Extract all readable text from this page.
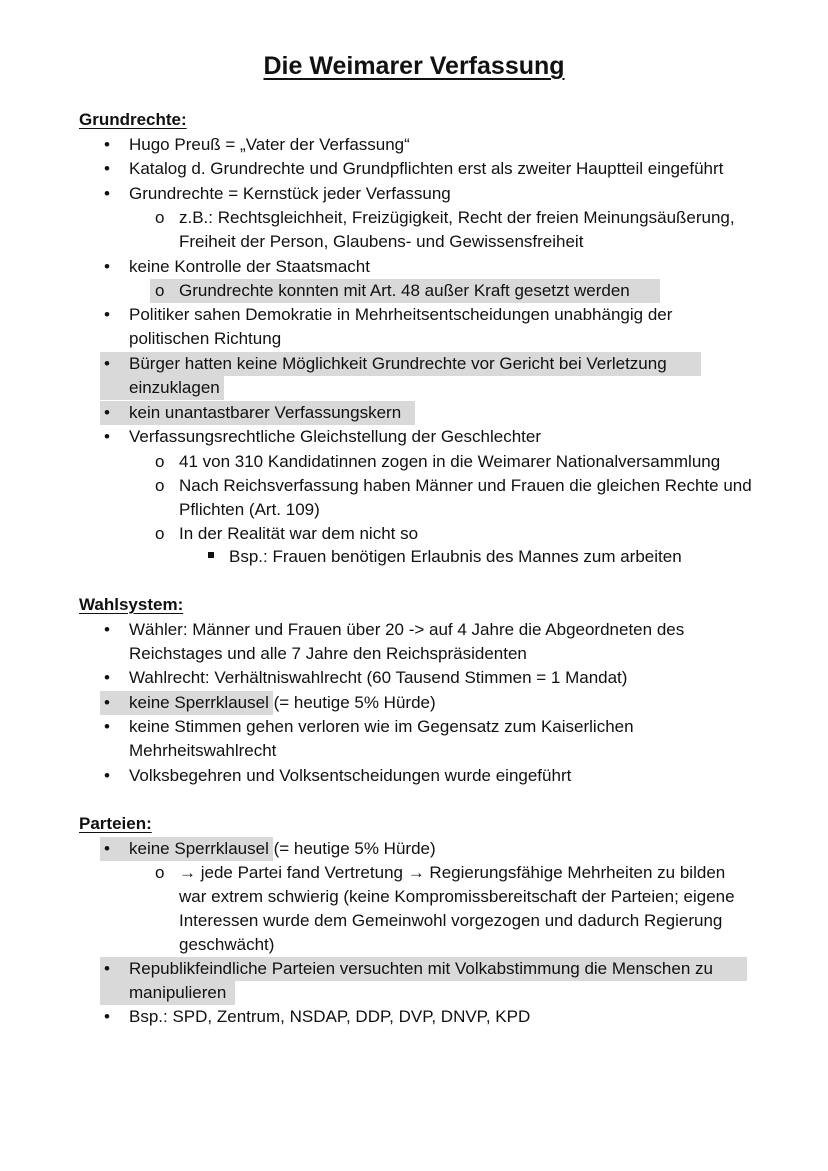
Die Weimarer Verfassung
Grundrechte:
• Hugo Preuß = „Vater der Verfassung“
• Katalog d. Grundrechte und Grundpflichten erst als zweiter Hauptteil eingeführt
• Grundrechte = Kernstück jeder Verfassung
o z.B.: Rechtsgleichheit, Freizügigkeit, Recht der freien Meinungsäußerung,
Freiheit der Person, Glaubens- und Gewissensfreiheit
• keine Kontrolle der Staatsmacht
o Grundrechte konnten mit Art. 48 außer Kraft gesetzt werden
• Politiker sahen Demokratie in Mehrheitsentscheidungen unabhängig der
politischen Richtung
• Bürger hatten keine Möglichkeit Grundrechte vor Gericht bei Verletzung
einzuklagen
• kein unantastbarer Verfassungskern
• Verfassungsrechtliche Gleichstellung der Geschlechter
o 41 von 310 Kandidatinnen zogen in die Weimarer Nationalversammlung
o Nach Reichsverfassung haben Männer und Frauen die gleichen Rechte und
Pflichten (Art. 109)
o In der Realität war dem nicht so
Bsp.: Frauen benötigen Erlaubnis des Mannes zum arbeiten
Wahlsystem:
• Wähler: Männer und Frauen über 20 -> auf 4 Jahre die Abgeordneten des
Reichstages und alle 7 Jahre den Reichspräsidenten
• Wahlrecht: Verhältniswahlrecht (60 Tausend Stimmen = 1 Mandat)
• keine Sperrklausel (= heutige 5% Hürde)
• keine Stimmen gehen verloren wie im Gegensatz zum Kaiserlichen
Mehrheitswahlrecht
• Volksbegehren und Volksentscheidungen wurde eingeführt
Parteien:
• keine Sperrklausel (= heutige 5% Hürde)
o → jede Partei fand Vertretung → Regierungsfähige Mehrheiten zu bilden
war extrem schwierig (keine Kompromissbereitschaft der Parteien; eigene
Interessen wurde dem Gemeinwohl vorgezogen und dadurch Regierung
geschwächt)
• Republikfeindliche Parteien versuchten mit Volkabstimmung die Menschen zu
manipulieren
• Bsp.: SPD, Zentrum, NSDAP, DDP, DVP, DNVP, KPD
